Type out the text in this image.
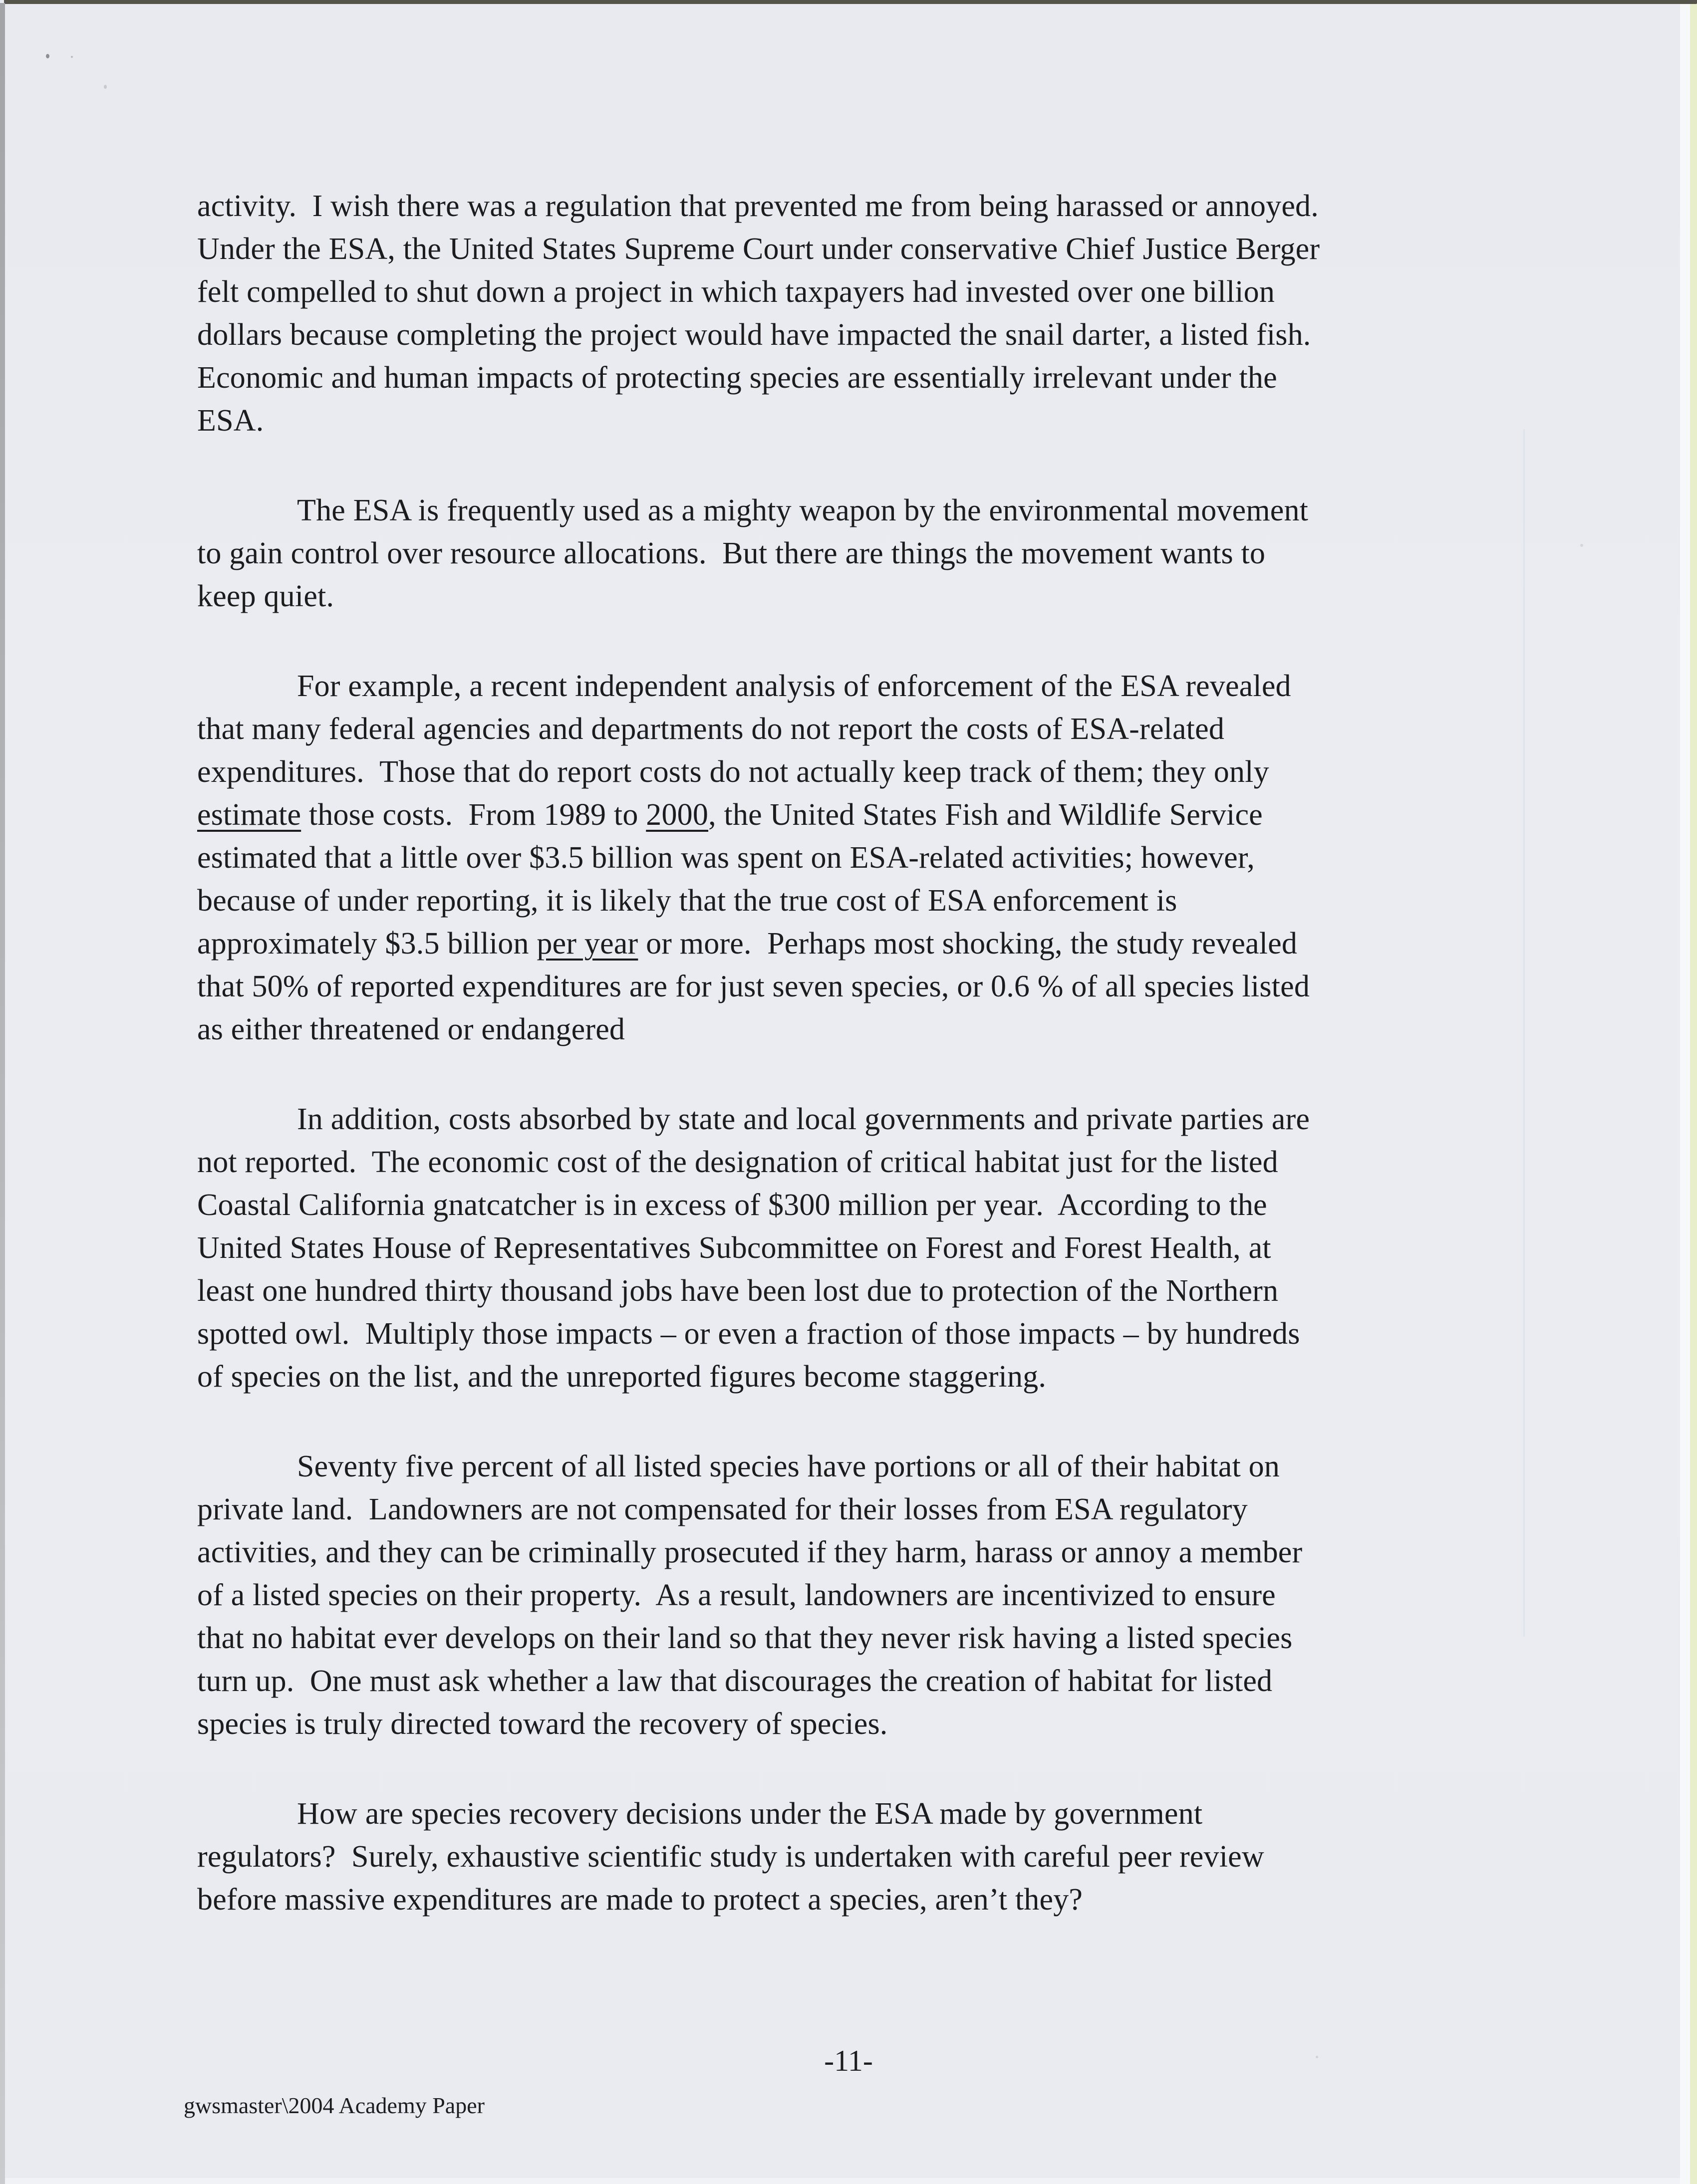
activity.  I wish there was a regulation that prevented me from being harassed or annoyed.
Under the ESA, the United States Supreme Court under conservative Chief Justice Berger
felt compelled to shut down a project in which taxpayers had invested over one billion
dollars because completing the project would have impacted the snail darter, a listed fish.
Economic and human impacts of protecting species are essentially irrelevant under the
ESA.
The ESA is frequently used as a mighty weapon by the environmental movement
to gain control over resource allocations.  But there are things the movement wants to
keep quiet.
For example, a recent independent analysis of enforcement of the ESA revealed
that many federal agencies and departments do not report the costs of ESA-related
expenditures.  Those that do report costs do not actually keep track of them; they only
estimate those costs.  From 1989 to 2000, the United States Fish and Wildlife Service
estimated that a little over $3.5 billion was spent on ESA-related activities; however,
because of under reporting, it is likely that the true cost of ESA enforcement is
approximately $3.5 billion per year or more.  Perhaps most shocking, the study revealed
that 50% of reported expenditures are for just seven species, or 0.6 % of all species listed
as either threatened or endangered
In addition, costs absorbed by state and local governments and private parties are
not reported.  The economic cost of the designation of critical habitat just for the listed
Coastal California gnatcatcher is in excess of $300 million per year.  According to the
United States House of Representatives Subcommittee on Forest and Forest Health, at
least one hundred thirty thousand jobs have been lost due to protection of the Northern
spotted owl.  Multiply those impacts – or even a fraction of those impacts – by hundreds
of species on the list, and the unreported figures become staggering.
Seventy five percent of all listed species have portions or all of their habitat on
private land.  Landowners are not compensated for their losses from ESA regulatory
activities, and they can be criminally prosecuted if they harm, harass or annoy a member
of a listed species on their property.  As a result, landowners are incentivized to ensure
that no habitat ever develops on their land so that they never risk having a listed species
turn up.  One must ask whether a law that discourages the creation of habitat for listed
species is truly directed toward the recovery of species.
How are species recovery decisions under the ESA made by government
regulators?  Surely, exhaustive scientific study is undertaken with careful peer review
before massive expenditures are made to protect a species, aren’t they?
-11-
gwsmaster\2004 Academy Paper
